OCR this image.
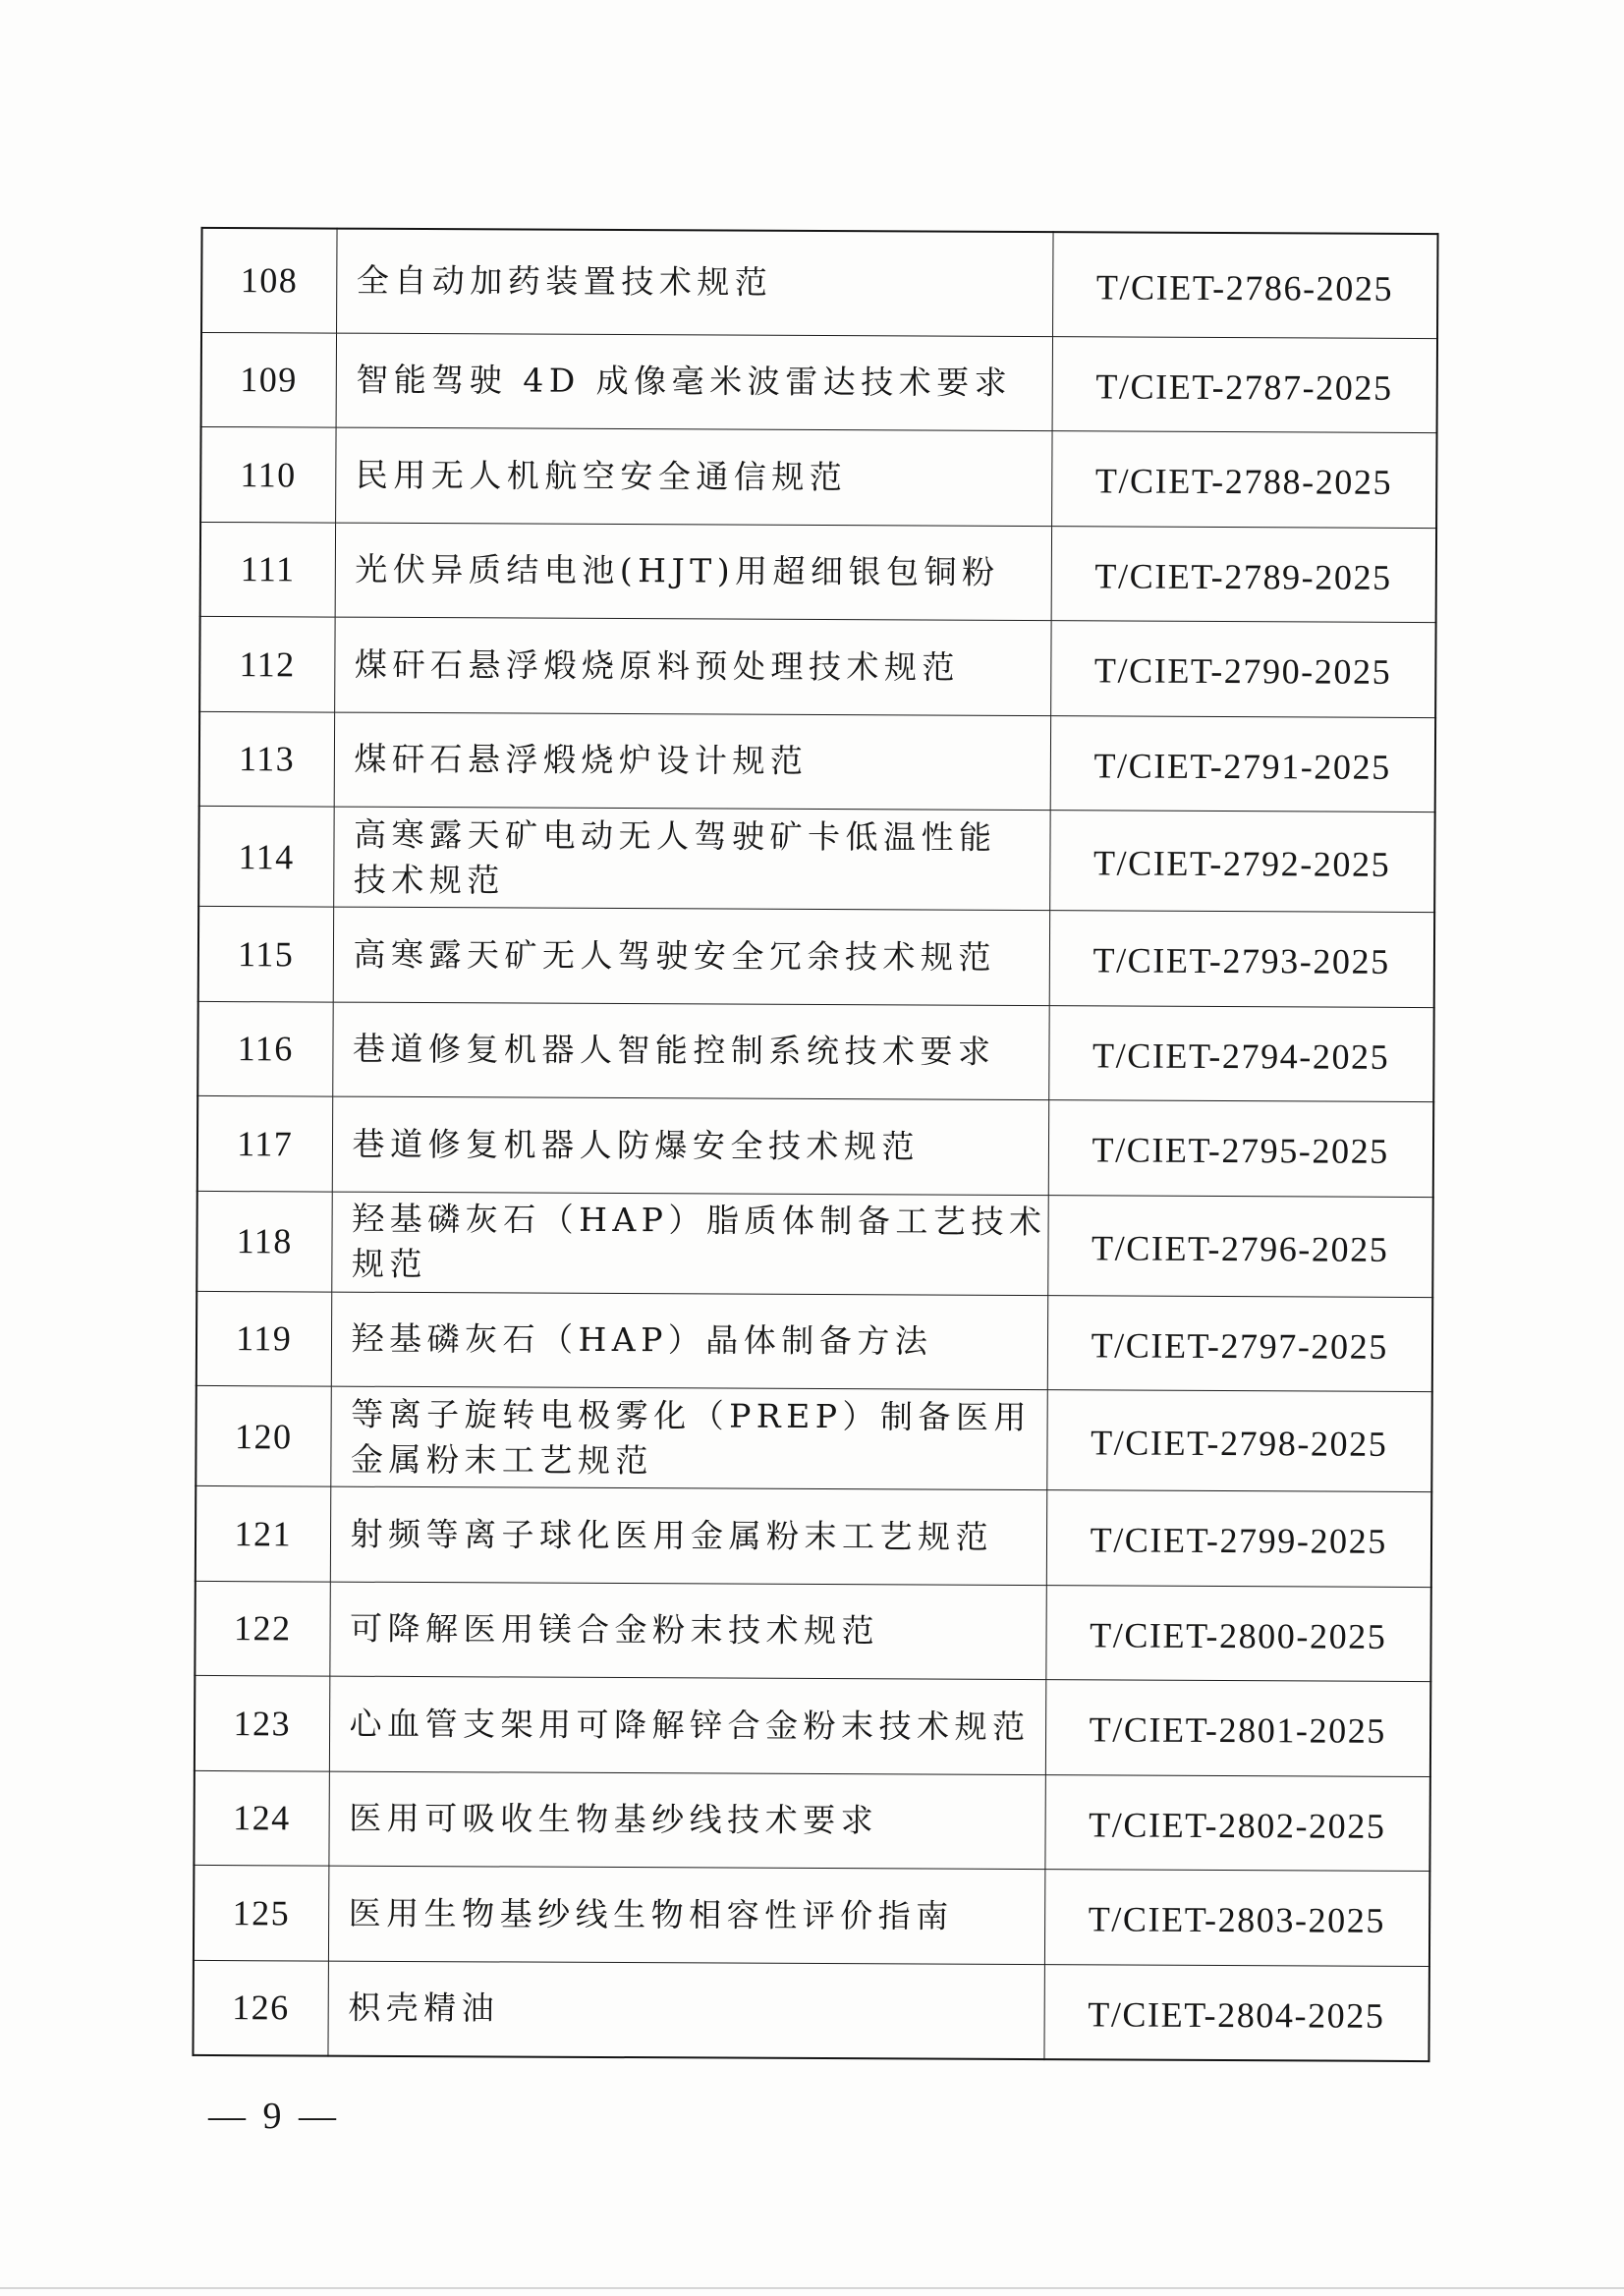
108	全自动加药装置技术规范	T/CIET-2786-2025
109	智能驾驶 4D 成像毫米波雷达技术要求	T/CIET-2787-2025
110	民用无人机航空安全通信规范	T/CIET-2788-2025
111	光伏异质结电池(HJT)用超细银包铜粉	T/CIET-2789-2025
112	煤矸石悬浮煅烧原料预处理技术规范	T/CIET-2790-2025
113	煤矸石悬浮煅烧炉设计规范	T/CIET-2791-2025
114	高寒露天矿电动无人驾驶矿卡低温性能
技术规范	T/CIET-2792-2025
115	高寒露天矿无人驾驶安全冗余技术规范	T/CIET-2793-2025
116	巷道修复机器人智能控制系统技术要求	T/CIET-2794-2025
117	巷道修复机器人防爆安全技术规范	T/CIET-2795-2025
118	羟基磷灰石（HAP）脂质体制备工艺技术
规范	T/CIET-2796-2025
119	羟基磷灰石（HAP）晶体制备方法	T/CIET-2797-2025
120	等离子旋转电极雾化（PREP）制备医用
金属粉末工艺规范	T/CIET-2798-2025
121	射频等离子球化医用金属粉末工艺规范	T/CIET-2799-2025
122	可降解医用镁合金粉末技术规范	T/CIET-2800-2025
123	心血管支架用可降解锌合金粉末技术规范	T/CIET-2801-2025
124	医用可吸收生物基纱线技术要求	T/CIET-2802-2025
125	医用生物基纱线生物相容性评价指南	T/CIET-2803-2025
126	枳壳精油	T/CIET-2804-2025
— 9 —
